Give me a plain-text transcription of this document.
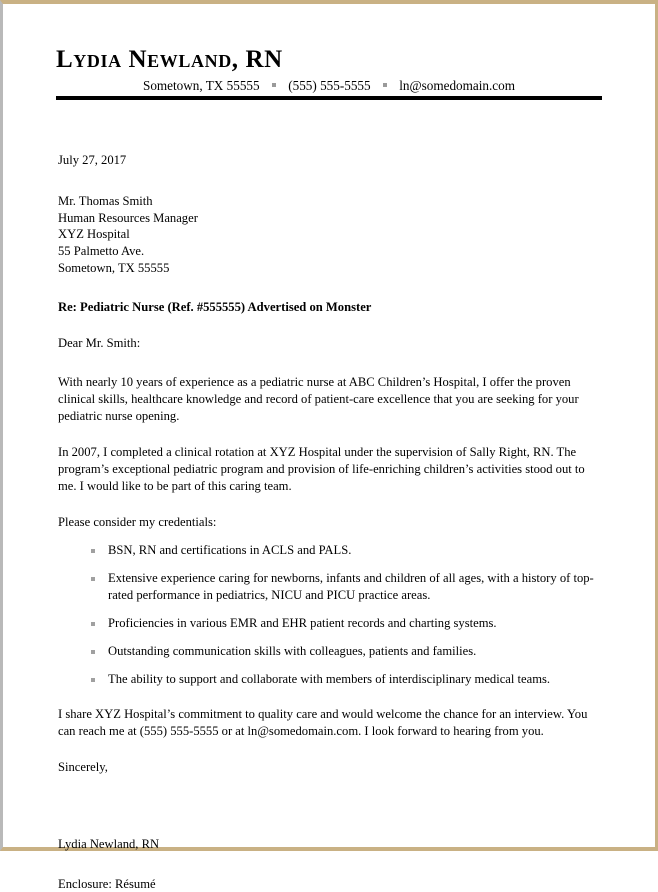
Lydia Newland, RN
Sometown, TX 55555 (555) 555-5555 ln@somedomain.com
July 27, 2017
Mr. Thomas Smith
Human Resources Manager
XYZ Hospital
55 Palmetto Ave.
Sometown, TX 55555
Re: Pediatric Nurse (Ref. #555555) Advertised on Monster
Dear Mr. Smith:

With nearly 10 years of experience as a pediatric nurse at ABC Children’s Hospital, I offer the proven clinical skills, healthcare knowledge and record of patient-care excellence that you are seeking for your pediatric nurse opening.

In 2007, I completed a clinical rotation at XYZ Hospital under the supervision of Sally Right, RN. The program’s exceptional pediatric program and provision of life-enriching children’s activities stood out to me. I would like to be part of this caring team.

Please consider my credentials:
BSN, RN and certifications in ACLS and PALS.
Extensive experience caring for newborns, infants and children of all ages, with a history of top-rated performance in pediatrics, NICU and PICU practice areas.
Proficiencies in various EMR and EHR patient records and charting systems.
Outstanding communication skills with colleagues, patients and families.
The ability to support and collaborate with members of interdisciplinary medical teams.

I share XYZ Hospital’s commitment to quality care and would welcome the chance for an interview. You can reach me at (555) 555-5555 or at ln@somedomain.com. I look forward to hearing from you.

Sincerely,
Lydia Newland, RN
Enclosure: Résumé
